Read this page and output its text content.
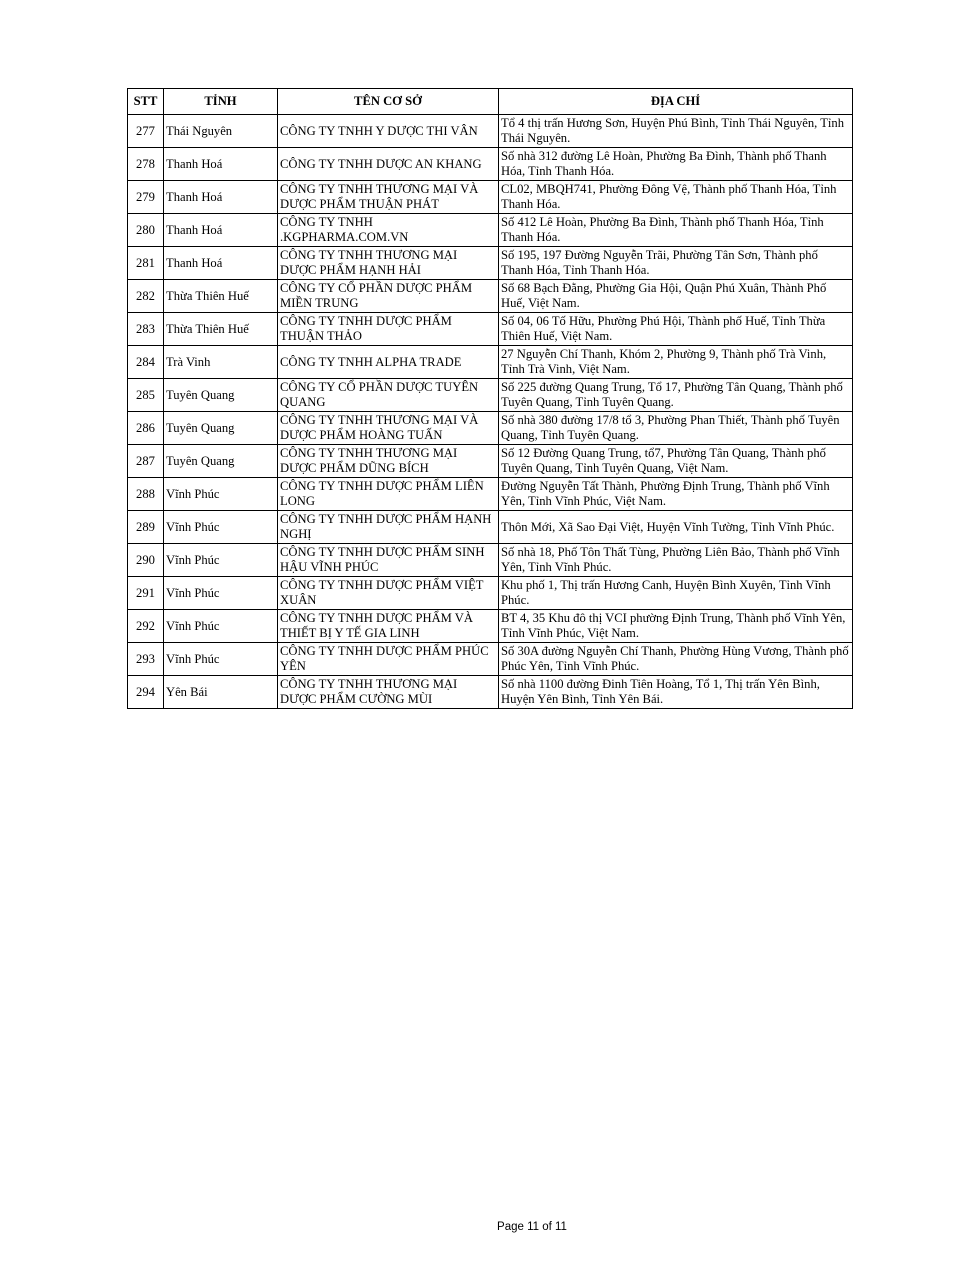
STT	TỈNH	TÊN CƠ SỞ	ĐỊA CHỈ
277	Thái Nguyên	CÔNG TY TNHH Y DƯỢC THI VÂN	Tổ 4 thị trấn Hương Sơn, Huyện Phú Bình, Tỉnh Thái Nguyên, Tỉnh Thái Nguyên.
278	Thanh Hoá	CÔNG TY TNHH DƯỢC AN KHANG	Số nhà 312 đường Lê Hoàn, Phường Ba Đình, Thành phố Thanh Hóa, Tỉnh Thanh Hóa.
279	Thanh Hoá	CÔNG TY TNHH THƯƠNG MẠI VÀ DƯỢC PHẨM THUẬN PHÁT	CL02, MBQH741, Phường Đông Vệ, Thành phố Thanh Hóa, Tỉnh Thanh Hóa.
280	Thanh Hoá	CÔNG TY TNHH .KGPHARMA.COM.VN	Số 412 Lê Hoàn, Phường Ba Đình, Thành phố Thanh Hóa, Tỉnh Thanh Hóa.
281	Thanh Hoá	CÔNG TY TNHH THƯƠNG MẠI DƯỢC PHẨM HẠNH HẢI	Số 195, 197 Đường Nguyễn Trãi, Phường Tân Sơn, Thành phố Thanh Hóa, Tỉnh Thanh Hóa.
282	Thừa Thiên Huế	CÔNG TY CỔ PHẦN DƯỢC PHẨM MIỀN TRUNG	Số 68 Bạch Đằng, Phường Gia Hội, Quận Phú Xuân, Thành Phố Huế, Việt Nam.
283	Thừa Thiên Huế	CÔNG TY TNHH DƯỢC PHẨM THUẬN THẢO	Số 04, 06 Tố Hữu, Phường Phú Hội, Thành phố Huế, Tỉnh Thừa Thiên Huế, Việt Nam.
284	Trà Vinh	CÔNG TY TNHH ALPHA TRADE	27 Nguyễn Chí Thanh, Khóm 2, Phường 9, Thành phố Trà Vinh, Tỉnh Trà Vinh, Việt Nam.
285	Tuyên Quang	CÔNG TY CỔ PHẦN DƯỢC TUYÊN QUANG	Số 225 đường Quang Trung, Tổ 17, Phường Tân Quang, Thành phố Tuyên Quang, Tỉnh Tuyên Quang.
286	Tuyên Quang	CÔNG TY TNHH THƯƠNG MẠI VÀ DƯỢC PHẨM HOÀNG TUẤN	Số nhà 380 đường 17/8 tổ 3, Phường Phan Thiết, Thành phố Tuyên Quang, Tỉnh Tuyên Quang.
287	Tuyên Quang	CÔNG TY TNHH THƯƠNG MẠI DƯỢC PHẨM DŨNG BÍCH	Số 12 Đường Quang Trung, tổ7, Phường Tân Quang, Thành phố Tuyên Quang, Tỉnh Tuyên Quang, Việt Nam.
288	Vĩnh Phúc	CÔNG TY TNHH DƯỢC PHẨM LIÊN LONG	Đường Nguyễn Tất Thành, Phường Định Trung, Thành phố Vĩnh Yên, Tỉnh Vĩnh Phúc, Việt Nam.
289	Vĩnh Phúc	CÔNG TY TNHH DƯỢC PHẨM HẠNH NGHỊ	Thôn Mới, Xã Sao Đại Việt, Huyện Vĩnh Tường, Tỉnh Vĩnh Phúc.
290	Vĩnh Phúc	CÔNG TY TNHH DƯỢC PHẨM SINH HẬU VĨNH PHÚC	Số nhà 18, Phố Tôn Thất Tùng, Phường Liên Bảo, Thành phố Vĩnh Yên, Tỉnh Vĩnh Phúc.
291	Vĩnh Phúc	CÔNG TY TNHH DƯỢC PHẨM VIỆT XUÂN	Khu phố 1, Thị trấn Hương Canh, Huyện Bình Xuyên, Tỉnh Vĩnh Phúc.
292	Vĩnh Phúc	CÔNG TY TNHH DƯỢC PHẨM VÀ THIẾT BỊ Y TẾ GIA LINH	BT 4, 35 Khu đô thị VCI phường Định Trung, Thành phố Vĩnh Yên, Tỉnh Vĩnh Phúc, Việt Nam.
293	Vĩnh Phúc	CÔNG TY TNHH DƯỢC PHẨM PHÚC YÊN	Số 30A đường Nguyễn Chí Thanh, Phường Hùng Vương, Thành phố Phúc Yên, Tỉnh Vĩnh Phúc.
294	Yên Bái	CÔNG TY TNHH THƯƠNG MẠI DƯỢC PHẨM CƯỜNG MÙI	Số nhà 1100 đường Đinh Tiên Hoàng, Tổ 1, Thị trấn Yên Bình, Huyện Yên Bình, Tỉnh Yên Bái.
Page 11 of 11
